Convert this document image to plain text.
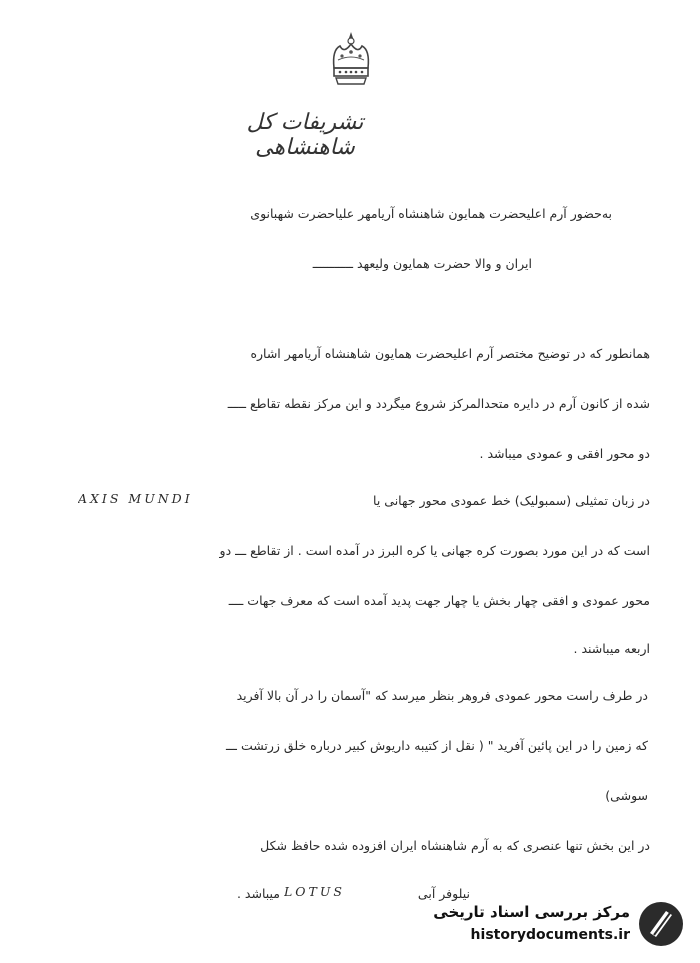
تشریفات کل شاهنشاهی
به‌حضور آرم اعلیحضرت همایون شاهنشاه آریامهر علیاحضرت شهبانوی
ایران و والا حضرت همایون ولیعهد ـــــــــــ
همانطور که در توضیح مختصر آرم اعلیحضرت همایون شاهنشاه آریامهر اشاره
شده از کانون آرم در دایره متحدالمرکز شروع میگردد و این مرکز نقطه تقاطع ـــــ
دو محور افقی و عمودی میباشد .
در زبان تمثیلی (سمبولیک) خط عمودی محور جهانی یا
AXIS MUNDI
است که در این مورد بصورت کره جهانی یا کره البرز در آمده است . از تقاطع ـــ دو
محور عمودی و افقی چهار بخش یا چهار جهت پدید آمده است که معرف جهات ــــ
اربعه میباشند .
در طرف راست محور عمودی فروهر بنظر میرسد که "آسمان را در آن بالا آفرید
که زمین را در این پائین آفرید " ( نقل از کتیبه داریوش کبیر درباره خلق زرتشت ـــ
سوشی)
در این بخش تنها عنصری که به آرم شاهنشاه ایران افزوده شده حافظ شکل
نیلوفر آبی
LOTUS
میباشد .
مرکز بررسی اسناد تاریخی
historydocuments.ir
